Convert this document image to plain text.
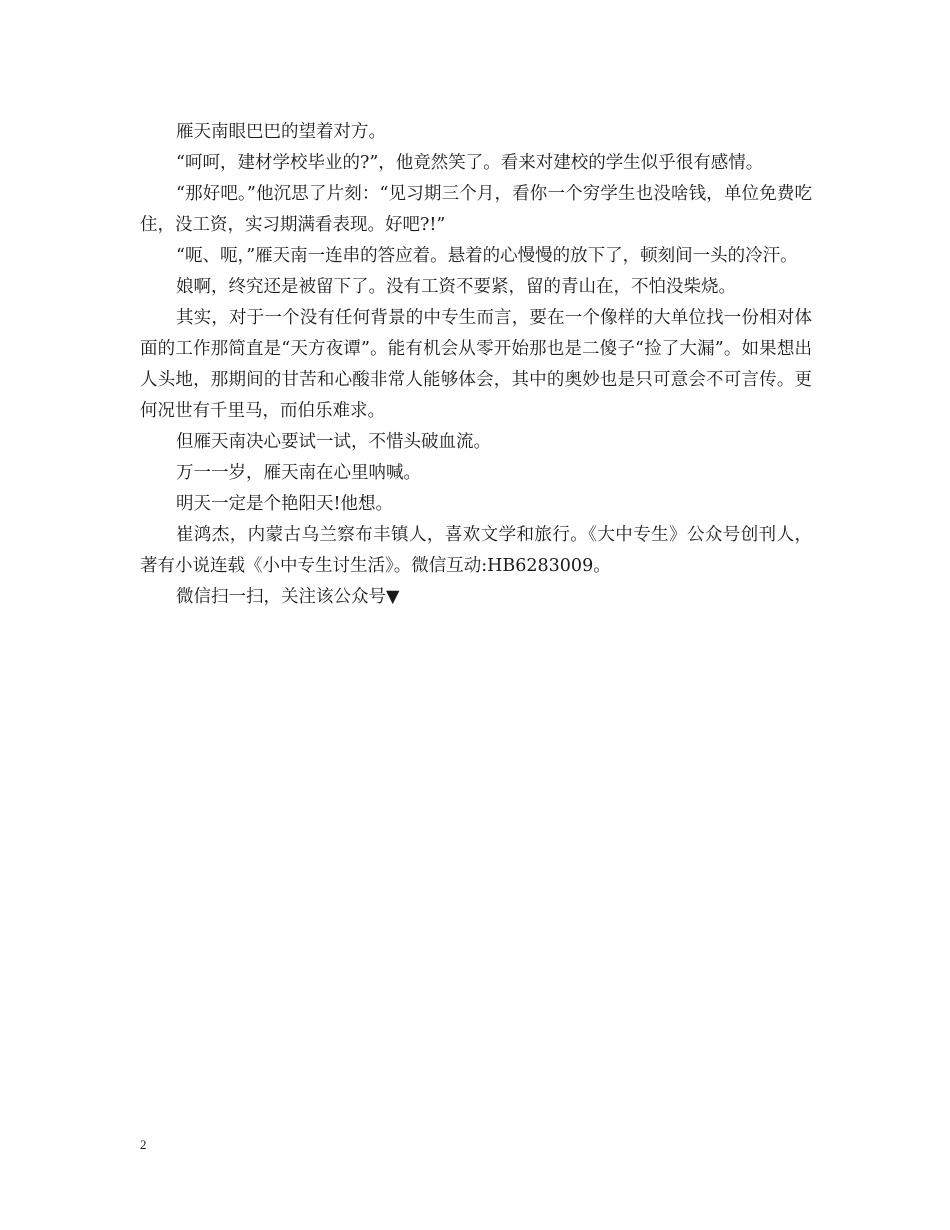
雁天南眼巴巴的望着对方。

“呵呵，建材学校毕业的?”，他竟然笑了。看来对建校的学生似乎很有感情。

“那好吧。”他沉思了片刻：“见习期三个月，看你一个穷学生也没啥钱，单位免费吃住，没工资，实习期满看表现。好吧?!”

“呃、呃，”雁天南一连串的答应着。悬着的心慢慢的放下了，顿刻间一头的冷汗。

娘啊，终究还是被留下了。没有工资不要紧，留的青山在，不怕没柴烧。

其实，对于一个没有任何背景的中专生而言，要在一个像样的大单位找一份相对体面的工作那简直是“天方夜谭”。能有机会从零开始那也是二傻子“捡了大漏”。如果想出人头地，那期间的甘苦和心酸非常人能够体会，其中的奥妙也是只可意会不可言传。更何况世有千里马，而伯乐难求。

但雁天南决心要试一试，不惜头破血流。

万一一岁，雁天南在心里呐喊。

明天一定是个艳阳天!他想。

崔鸿杰，内蒙古乌兰察布丰镇人，喜欢文学和旅行。《大中专生》公众号创刊人，著有小说连载《小中专生讨生活》。微信互动:HB6283009。

微信扫一扫，关注该公众号▼

2
